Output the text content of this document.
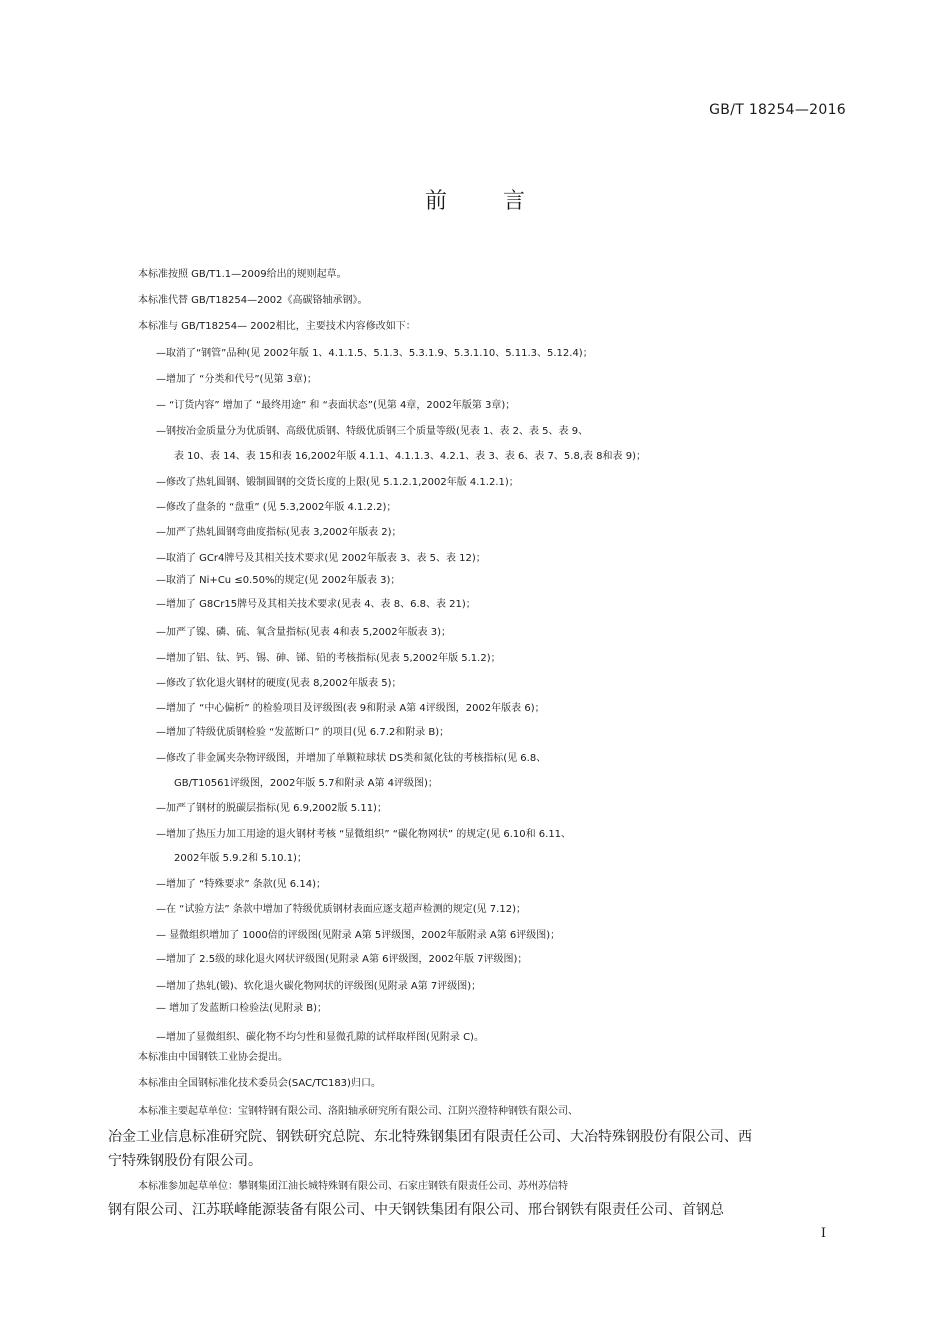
GB/T 18254—2016
前言
本标准按照 GB/T1.1—2009给出的规则起草。
本标准代替 GB/T18254—2002《高碳铬轴承钢》。
本标准与 GB/T18254— 2002相比，主要技术内容修改如下：
—取消了“钢管”品种(见 2002年版 1、4.1.1.5、5.1.3、5.3.1.9、5.3.1.10、5.11.3、5.12.4)；
—增加了 “分类和代号”(见第 3章)；
— “订货内容” 增加了 “最终用途” 和 “表面状态”(见第 4章，2002年版第 3章)；
—钢按冶金质量分为优质钢、高级优质钢、特级优质钢三个质量等级(见表 1、表 2、表 5、表 9、
表 10、表 14、表 15和表 16,2002年版 4.1.1、4.1.1.3、4.2.1、表 3、表 6、表 7、5.8,表 8和表 9)；
—修改了热轧圆钢、锻制圆钢的交货长度的上限(见 5.1.2.1,2002年版 4.1.2.1)；
—修改了盘条的 “盘重” (见 5.3,2002年版 4.1.2.2)；
—加严了热轧圆钢弯曲度指标(见表 3,2002年版表 2)；
—取消了 GCr4牌号及其相关技术要求(见 2002年版表 3、表 5、表 12)；
—取消了 Ni+Cu ≤0.50%的规定(见 2002年版表 3)；
—增加了 G8Cr15牌号及其相关技术要求(见表 4、表 8、6.8、表 21)；
—加严了镍、磷、硫、氧含量指标(见表 4和表 5,2002年版表 3)；
—增加了铝、钛、钙、锡、砷、锑、铅的考核指标(见表 5,2002年版 5.1.2)；
—修改了软化退火钢材的硬度(见表 8,2002年版表 5)；
—增加了 “中心偏析” 的检验项目及评级图(表 9和附录 A第 4评级图，2002年版表 6)；
—增加了特级优质钢检验 “发蓝断口” 的项目(见 6.7.2和附录 B)；
—修改了非金属夹杂物评级图，并增加了单颗粒球状 DS类和氮化钛的考核指标(见 6.8、
GB/T10561评级图，2002年版 5.7和附录 A第 4评级图)；
—加严了钢材的脱碳层指标(见 6.9,2002版 5.11)；
—增加了热压力加工用途的退火钢材考核 “显微组织” “碳化物网状” 的规定(见 6.10和 6.11、
2002年版 5.9.2和 5.10.1)；
—增加了 “特殊要求” 条款(见 6.14)；
—在 “试验方法” 条款中增加了特级优质钢材表面应逐支超声检测的规定(见 7.12)；
— 显微组织增加了 1000倍的评级图(见附录 A第 5评级图，2002年版附录 A第 6评级图)；
—增加了 2.5级的球化退火网状评级图(见附录 A第 6评级图，2002年版 7评级图)；
—增加了热轧(锻)、软化退火碳化物网状的评级图(见附录 A第 7评级图)；
— 增加了发蓝断口检验法(见附录 B)；
—增加了显微组织、碳化物不均匀性和显微孔隙的试样取样图(见附录 C)。
本标准由中国钢铁工业协会提出。
本标准由全国钢标准化技术委员会(SAC/TC183)归口。
本标准主要起草单位：宝钢特钢有限公司、洛阳轴承研究所有限公司、江阴兴澄特种钢铁有限公司、
冶金工业信息标准研究院、钢铁研究总院、东北特殊钢集团有限责任公司、大冶特殊钢股份有限公司、西
宁特殊钢股份有限公司。
本标准参加起草单位：攀钢集团江油长城特殊钢有限公司、石家庄钢铁有限责任公司、苏州苏信特
钢有限公司、江苏联峰能源装备有限公司、中天钢铁集团有限公司、邢台钢铁有限责任公司、首钢总
I
